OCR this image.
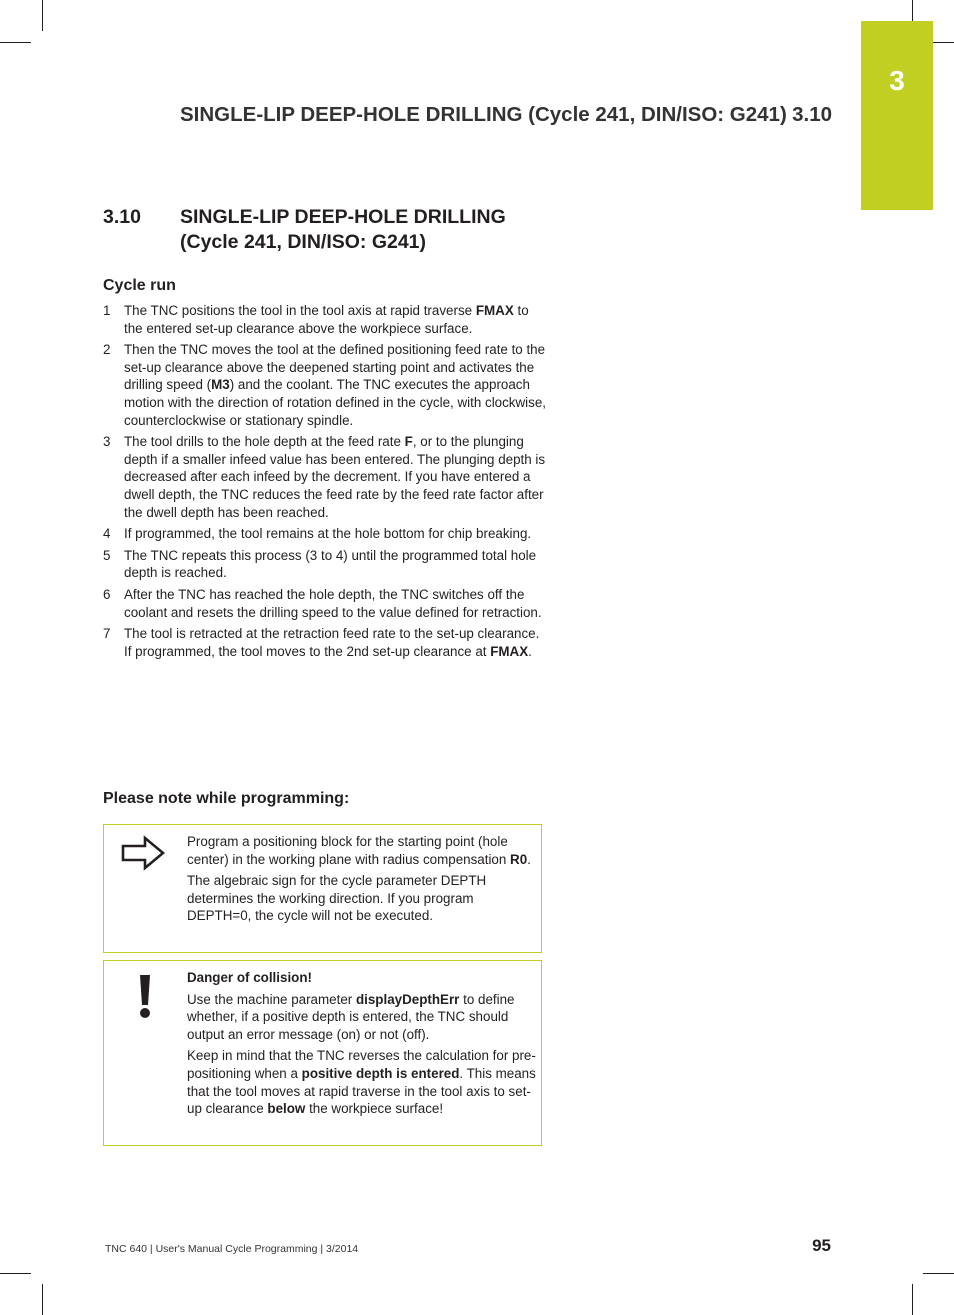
3
SINGLE-LIP DEEP-HOLE DRILLING (Cycle 241, DIN/ISO: G241) 3.10
3.10 SINGLE-LIP DEEP-HOLE DRILLING
(Cycle 241, DIN/ISO: G241)
Cycle run
1 The TNC positions the tool in the tool axis at rapid traverse FMAX to the entered set-up clearance above the workpiece surface.
2 Then the TNC moves the tool at the defined positioning feed rate to the set-up clearance above the deepened starting point and activates the drilling speed (M3) and the coolant. The TNC executes the approach motion with the direction of rotation defined in the cycle, with clockwise, counterclockwise or stationary spindle.
3 The tool drills to the hole depth at the feed rate F, or to the plunging depth if a smaller infeed value has been entered. The plunging depth is decreased after each infeed by the decrement. If you have entered a dwell depth, the TNC reduces the feed rate by the feed rate factor after the dwell depth has been reached.
4 If programmed, the tool remains at the hole bottom for chip breaking.
5 The TNC repeats this process (3 to 4) until the programmed total hole depth is reached.
6 After the TNC has reached the hole depth, the TNC switches off the coolant and resets the drilling speed to the value defined for retraction.
7 The tool is retracted at the retraction feed rate to the set-up clearance. If programmed, the tool moves to the 2nd set-up clearance at FMAX.
Please note while programming:

Program a positioning block for the starting point (hole center) in the working plane with radius compensation R0.

The algebraic sign for the cycle parameter DEPTH determines the working direction. If you program DEPTH=0, the cycle will not be executed.

Danger of collision!

Use the machine parameter displayDepthErr to define whether, if a positive depth is entered, the TNC should output an error message (on) or not (off).

Keep in mind that the TNC reverses the calculation for pre-positioning when a positive depth is entered. This means that the tool moves at rapid traverse in the tool axis to set-up clearance below the workpiece surface!

TNC 640 | User's Manual Cycle Programming | 3/2014	95
